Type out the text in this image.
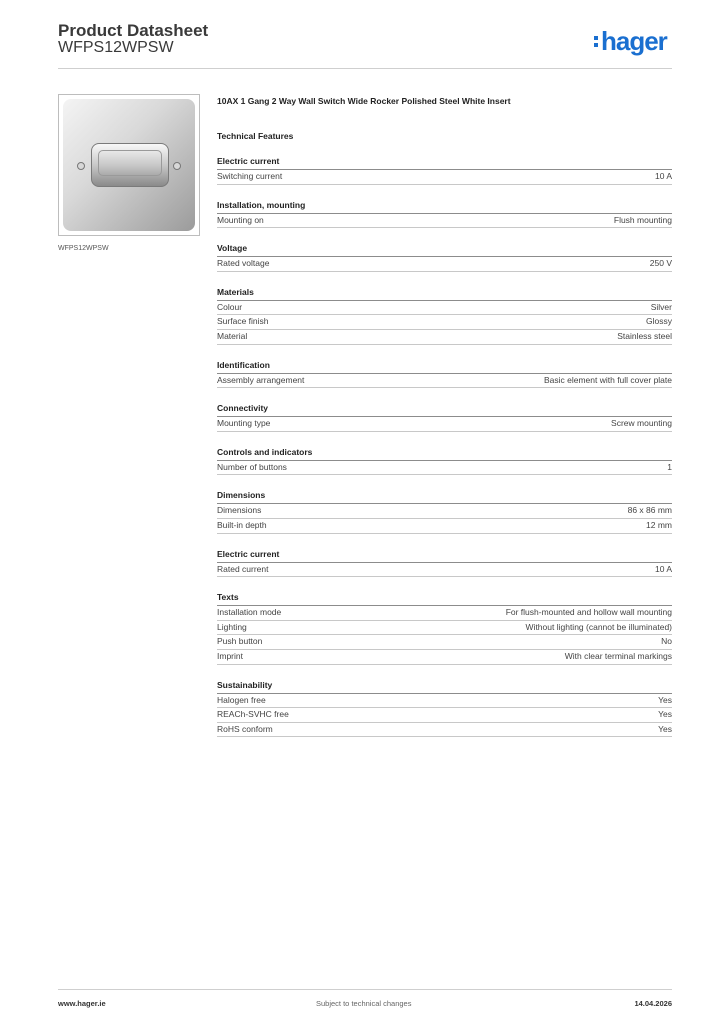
Product Datasheet
WFPS12WPSW	hager
WFPS12WPSW
10AX 1 Gang 2 Way Wall Switch Wide Rocker Polished Steel White Insert
Technical Features
Electric current
Switching current	10 A
Installation, mounting
Mounting on	Flush mounting
Voltage
Rated voltage	250 V
Materials
Colour	Silver
Surface finish	Glossy
Material	Stainless steel
Identification
Assembly arrangement	Basic element with full cover plate
Connectivity
Mounting type	Screw mounting
Controls and indicators
Number of buttons	1
Dimensions
Dimensions	86 x 86 mm
Built-in depth	12 mm
Electric current
Rated current	10 A
Texts
Installation mode	For flush-mounted and hollow wall mounting
Lighting	Without lighting (cannot be illuminated)
Push button	No
Imprint	With clear terminal markings
Sustainability
Halogen free	Yes
REACh-SVHC free	Yes
RoHS conform	Yes
www.hager.ie	Subject to technical changes	14.04.2026
